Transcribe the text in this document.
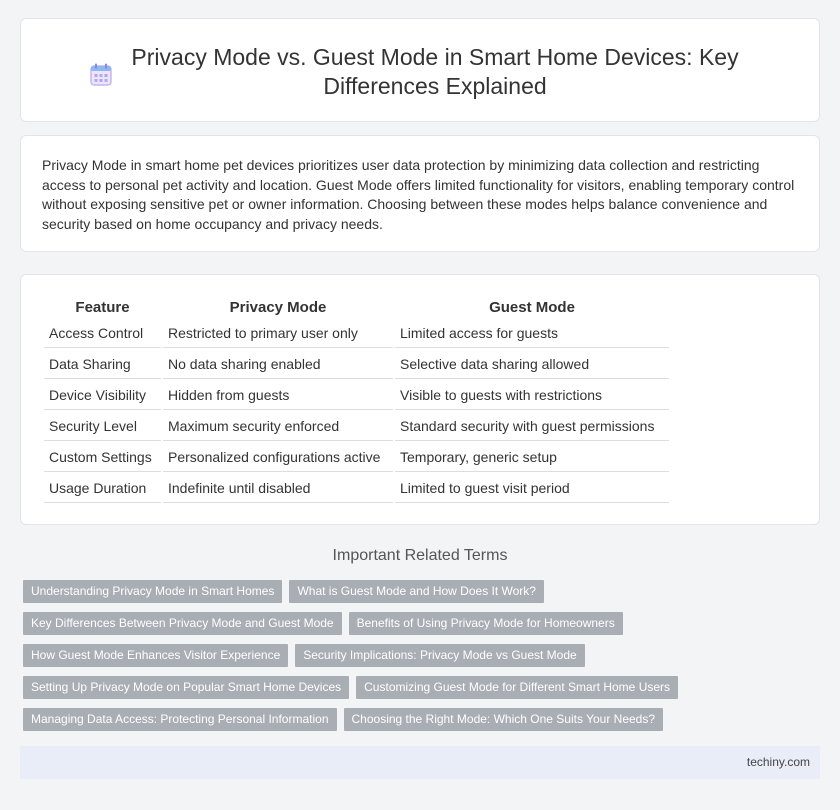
Privacy Mode vs. Guest Mode in Smart Home Devices: Key Differences Explained

Privacy Mode in smart home pet devices prioritizes user data protection by minimizing data collection and restricting access to personal pet activity and location. Guest Mode offers limited functionality for visitors, enabling temporary control without exposing sensitive pet or owner information. Choosing between these modes helps balance convenience and security based on home occupancy and privacy needs.

Feature	Privacy Mode	Guest Mode
Access Control	Restricted to primary user only	Limited access for guests
Data Sharing	No data sharing enabled	Selective data sharing allowed
Device Visibility	Hidden from guests	Visible to guests with restrictions
Security Level	Maximum security enforced	Standard security with guest permissions
Custom Settings	Personalized configurations active	Temporary, generic setup
Usage Duration	Indefinite until disabled	Limited to guest visit period
Important Related Terms
Understanding Privacy Mode in Smart Homes	What is Guest Mode and How Does It Work?
Key Differences Between Privacy Mode and Guest Mode	Benefits of Using Privacy Mode for Homeowners
How Guest Mode Enhances Visitor Experience	Security Implications: Privacy Mode vs Guest Mode
Setting Up Privacy Mode on Popular Smart Home Devices	Customizing Guest Mode for Different Smart Home Users
Managing Data Access: Protecting Personal Information	Choosing the Right Mode: Which One Suits Your Needs?
techiny.com
